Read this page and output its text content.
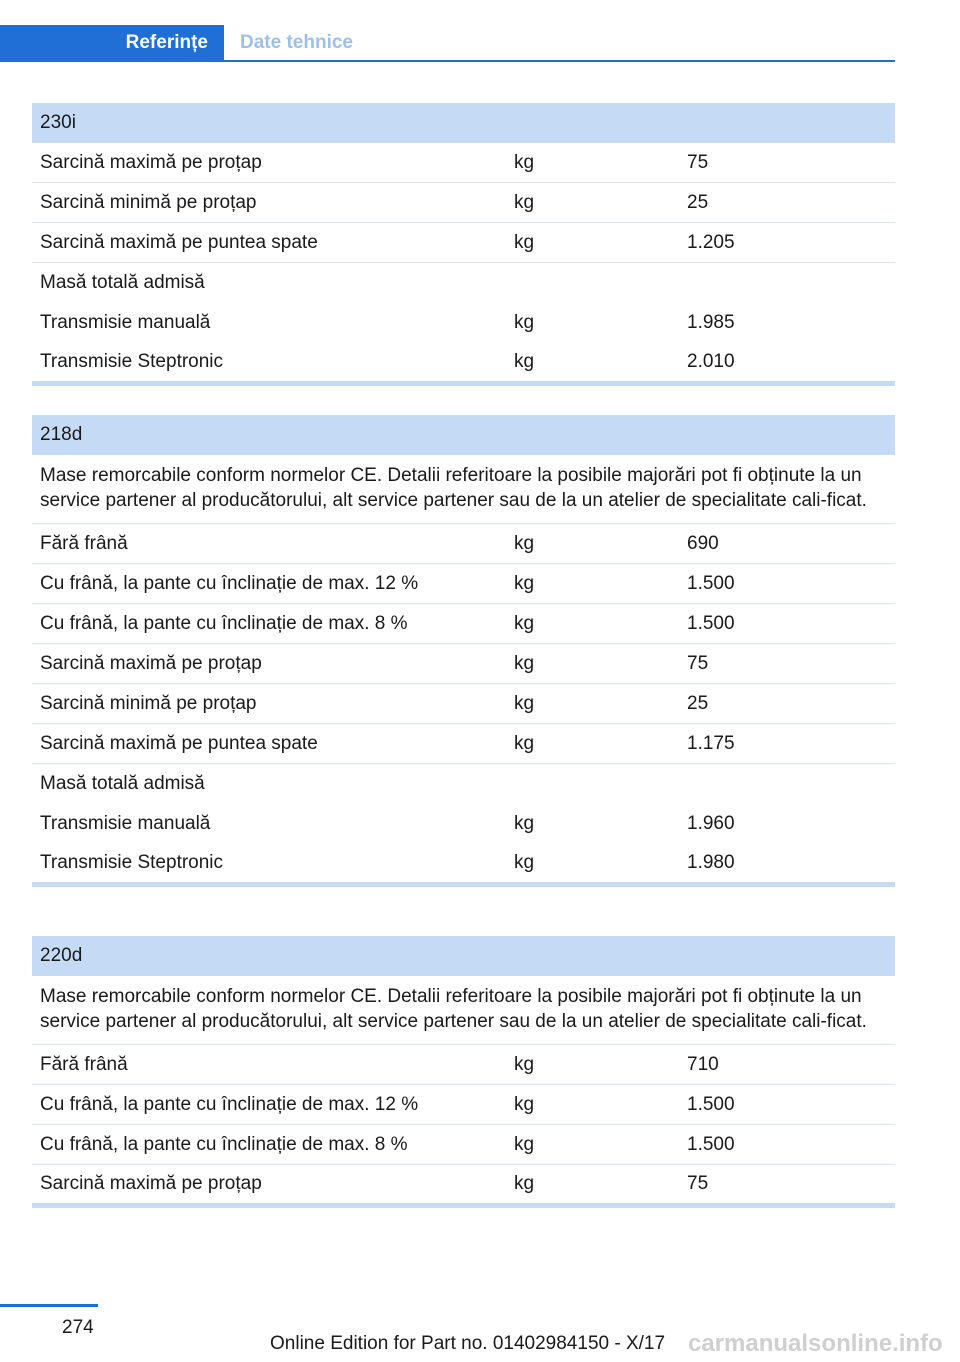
Referințe	Date tehnice
230i
Sarcină maximă pe proțap	kg	75
Sarcină minimă pe proțap	kg	25
Sarcină maximă pe puntea spate	kg	1.205
Masă totală admisă
Transmisie manuală	kg	1.985
Transmisie Steptronic	kg	2.010
218d
Mase remorcabile conform normelor CE. Detalii referitoare la posibile majorări pot fi obținute la un service partener al producătorului, alt service partener sau de la un atelier de specialitate cali-ficat.
Fără frână	kg	690
Cu frână, la pante cu înclinație de max. 12 %	kg	1.500
Cu frână, la pante cu înclinație de max. 8 %	kg	1.500
Sarcină maximă pe proțap	kg	75
Sarcină minimă pe proțap	kg	25
Sarcină maximă pe puntea spate	kg	1.175
Masă totală admisă
Transmisie manuală	kg	1.960
Transmisie Steptronic	kg	1.980
220d
Mase remorcabile conform normelor CE. Detalii referitoare la posibile majorări pot fi obținute la un service partener al producătorului, alt service partener sau de la un atelier de specialitate cali-ficat.
Fără frână	kg	710
Cu frână, la pante cu înclinație de max. 12 %	kg	1.500
Cu frână, la pante cu înclinație de max. 8 %	kg	1.500
Sarcină maximă pe proțap	kg	75
274
Online Edition for Part no. 01402984150 - X/17 carmanualsonline.info
